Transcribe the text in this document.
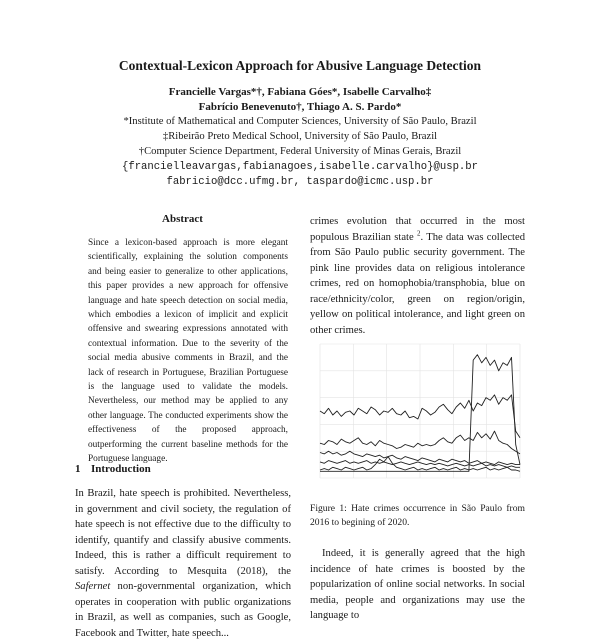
Contextual-Lexicon Approach for Abusive Language Detection
Francielle Vargas*†, Fabiana Góes*, Isabelle Carvalho‡
Fabrício Benevenuto†, Thiago A. S. Pardo*
*Institute of Mathematical and Computer Sciences, University of São Paulo, Brazil
‡Ribeirão Preto Medical School, University of São Paulo, Brazil
†Computer Science Department, Federal University of Minas Gerais, Brazil
{francielleavargas,fabianagoes,isabelle.carvalho}@usp.br
fabricio@dcc.ufmg.br, taspardo@icmc.usp.br
Abstract
Since a lexicon-based approach is more elegant scientifically, explaining the solution components and being easier to generalize to other applications, this paper provides a new approach for offensive language and hate speech detection on social media, which embodies a lexicon of implicit and explicit offensive and swearing expressions annotated with contextual information. Due to the severity of the social media abusive comments in Brazil, and the lack of research in Portuguese, Brazilian Portuguese is the language used to validate the models. Nevertheless, our method may be applied to any other language. The conducted experiments show the effectiveness of the proposed approach, outperforming the current baseline methods for the Portuguese language.
1 Introduction
In Brazil, hate speech is prohibited. Nevertheless, in government and civil society, the regulation of hate speech is not effective due to the difficulty to identify, quantify and classify abusive comments. Indeed, this is rather a difficult requirement to satisfy. According to Mesquita (2018), the Safernet non-governmental organization, which operates in cooperation with public organizations in Brazil, as well as companies, such as Google, Facebook and Twitter, hate speech...
crimes evolution that occurred in the most populous Brazilian state $^2$. The data was collected from São Paulo public security government. The pink line provides data on religious intolerance crimes, red on homophobia/transphobia, blue on race/ethnicity/color, green on region/origin, yellow on political intolerance, and light green on other crimes.
Figure 1: Hate crimes occurrence in São Paulo from 2016 to begining of 2020.
Indeed, it is generally agreed that the high incidence of hate crimes is boosted by the popularization of online social networks. In social media, people and organizations may use the language to
